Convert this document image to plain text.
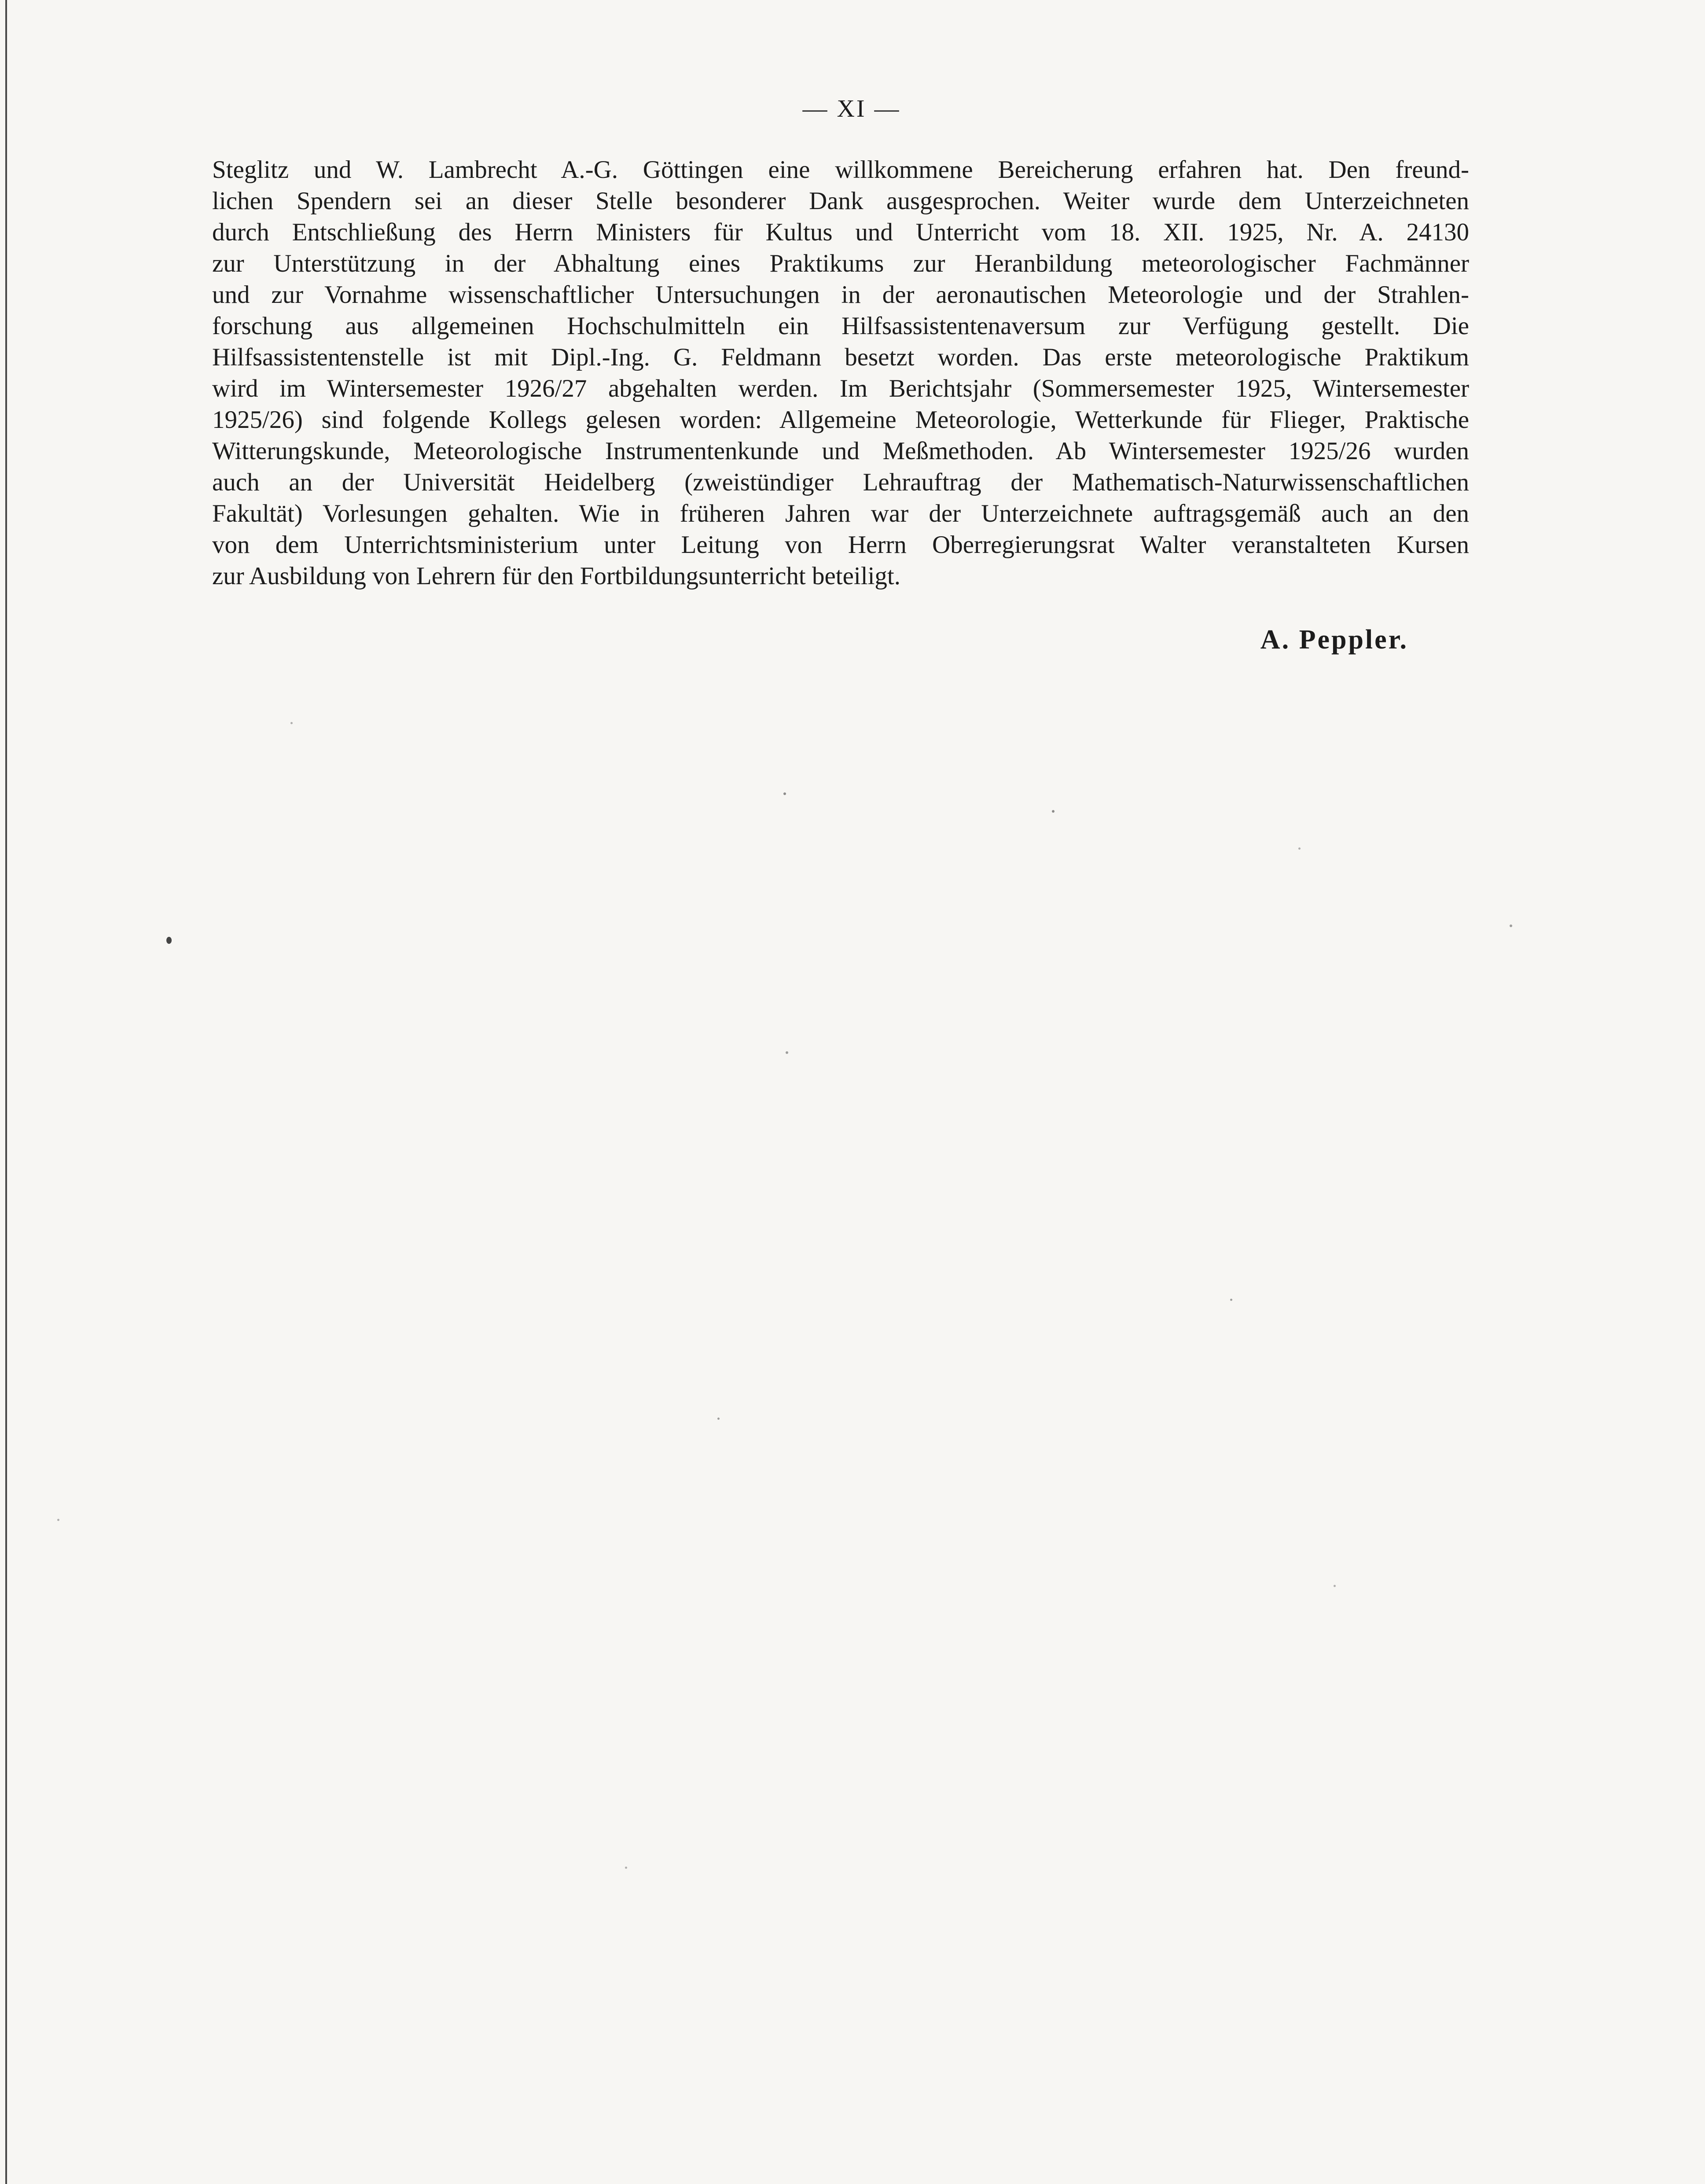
— XI —
Steglitz und W. Lambrecht A.-G. Göttingen eine willkommene Bereicherung erfahren hat. Den freund-
lichen Spendern sei an dieser Stelle besonderer Dank ausgesprochen. Weiter wurde dem Unterzeichneten
durch Entschließung des Herrn Ministers für Kultus und Unterricht vom 18. XII. 1925, Nr. A. 24130
zur Unterstützung in der Abhaltung eines Praktikums zur Heranbildung meteorologischer Fachmänner
und zur Vornahme wissenschaftlicher Untersuchungen in der aeronautischen Meteorologie und der Strahlen-
forschung aus allgemeinen Hochschulmitteln ein Hilfsassistentenaversum zur Verfügung gestellt. Die
Hilfsassistentenstelle ist mit Dipl.-Ing. G. Feldmann besetzt worden. Das erste meteorologische Praktikum
wird im Wintersemester 1926/27 abgehalten werden. Im Berichtsjahr (Sommersemester 1925, Wintersemester
1925/26) sind folgende Kollegs gelesen worden: Allgemeine Meteorologie, Wetterkunde für Flieger, Praktische
Witterungskunde, Meteorologische Instrumentenkunde und Meßmethoden. Ab Wintersemester 1925/26 wurden
auch an der Universität Heidelberg (zweistündiger Lehrauftrag der Mathematisch-Naturwissenschaftlichen
Fakultät) Vorlesungen gehalten. Wie in früheren Jahren war der Unterzeichnete auftragsgemäß auch an den
von dem Unterrichtsministerium unter Leitung von Herrn Oberregierungsrat Walter veranstalteten Kursen
zur Ausbildung von Lehrern für den Fortbildungsunterricht beteiligt.
A. Peppler.
